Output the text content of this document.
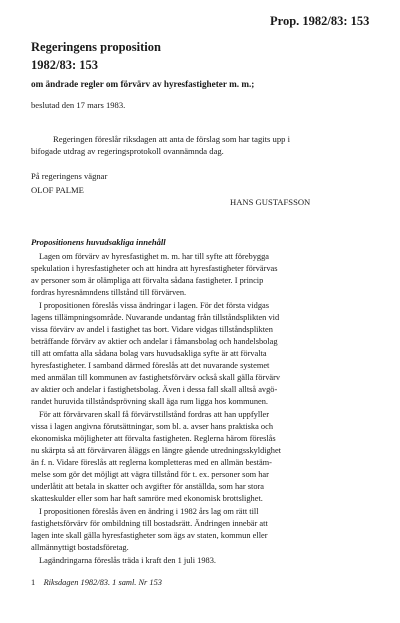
Prop. 1982/83: 153
Regeringens proposition
1982/83: 153
om ändrade regler om förvärv av hyresfastigheter m. m.;
beslutad den 17 mars 1983.
Regeringen föreslår riksdagen att anta de förslag som har tagits upp i
bifogade utdrag av regeringsprotokoll ovannämnda dag.
På regeringens vägnar
OLOF PALME
HANS GUSTAFSSON
Propositionens huvudsakliga innehåll
Lagen om förvärv av hyresfastighet m. m. har till syfte att förebygga
spekulation i hyresfastigheter och att hindra att hyresfastigheter förvärvas
av personer som är olämpliga att förvalta sådana fastigheter. I princip
fordras hyresnämndens tillstånd till förvärven.
I propositionen föreslås vissa ändringar i lagen. För det första vidgas
lagens tillämpningsområde. Nuvarande undantag från tillståndsplikten vid
vissa förvärv av andel i fastighet tas bort. Vidare vidgas tillståndsplikten
beträffande förvärv av aktier och andelar i fåmansbolag och handelsbolag
till att omfatta alla sådana bolag vars huvudsakliga syfte är att förvalta
hyresfastigheter. I samband därmed föreslås att det nuvarande systemet
med anmälan till kommunen av fastighetsförvärv också skall gälla förvärv
av aktier och andelar i fastighetsbolag. Även i dessa fall skall alltså avgö-
randet huruvida tillståndsprövning skall äga rum ligga hos kommunen.
För att förvärvaren skall få förvärvstillstånd fordras att han uppfyller
vissa i lagen angivna förutsättningar, som bl. a. avser hans praktiska och
ekonomiska möjligheter att förvalta fastigheten. Reglerna härom föreslås
nu skärpta så att förvärvaren åläggs en längre gående utredningsskyldighet
än f. n. Vidare föreslås att reglerna kompletteras med en allmän bestäm-
melse som gör det möjligt att vägra tillstånd för t. ex. personer som har
underlåtit att betala in skatter och avgifter för anställda, som har stora
skatteskulder eller som har haft samröre med ekonomisk brottslighet.
I propositionen föreslås även en ändring i 1982 års lag om rätt till
fastighetsförvärv för ombildning till bostadsrätt. Ändringen innebär att
lagen inte skall gälla hyresfastigheter som ägs av staten, kommun eller
allmännyttigt bostadsföretag.
Lagändringarna föreslås träda i kraft den 1 juli 1983.
1 Riksdagen 1982/83. 1 saml. Nr 153
